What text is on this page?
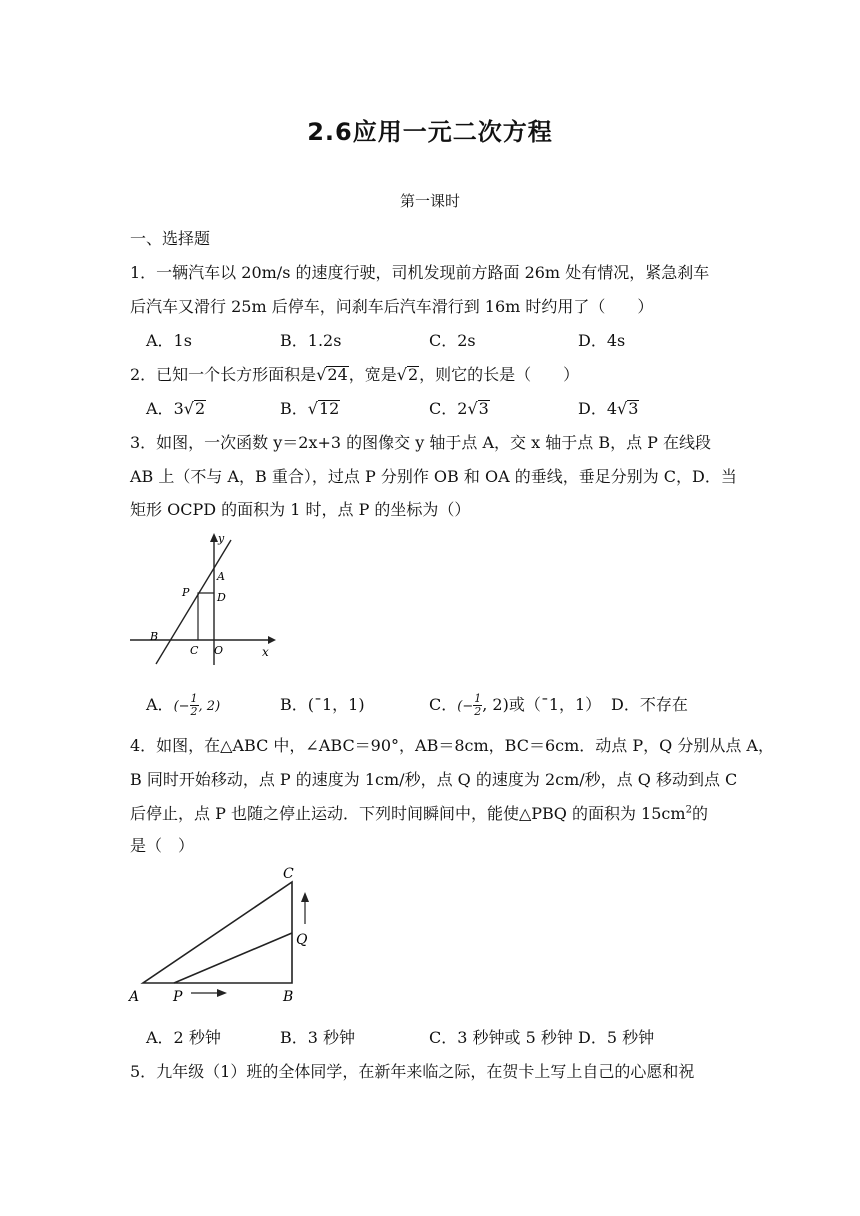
2.6应用一元二次方程
第一课时
一、选择题
1．一辆汽车以 20m/s 的速度行驶，司机发现前方路面 26m 处有情况，紧急刹车
后汽车又滑行 25m 后停车，问刹车后汽车滑行到 16m 时约用了（　　）
A．1s	B．1.2s	C．2s	D．4s
2．已知一个长方形面积是√24，宽是√2，则它的长是（　　）
A．3√2	B．√12	C．2√3	D．4√3
3．如图，一次函数 y＝2x+3 的图像交 y 轴于点 A，交 x 轴于点 B，点 P 在线段
AB 上（不与 A，B 重合），过点 P 分别作 OB 和 OA 的垂线，垂足分别为 C，D．当
矩形 OCPD 的面积为 1 时，点 P 的坐标为（）
y
x
A
P	D
B
C O
A．(− $\frac{1}{2}$ , 2)	B．(¯1，1)	C．(− $\frac{1}{2}$ , 2)或（¯1，1） D．不存在
4．如图，在△ABC 中，∠ABC＝90°，AB＝8cm，BC＝6cm．动点 P，Q 分别从点 A，
B 同时开始移动，点 P 的速度为 1cm/秒，点 Q 的速度为 2cm/秒，点 Q 移动到点 C
后停止，点 P 也随之停止运动．下列时间瞬间中，能使△PBQ 的面积为 $15cm^2$的
是（　）
C
Q
A P	B
A．2 秒钟	B．3 秒钟	C．3 秒钟或 5 秒钟 D．5 秒钟
5．九年级（1）班的全体同学，在新年来临之际，在贺卡上写上自己的心愿和祝
